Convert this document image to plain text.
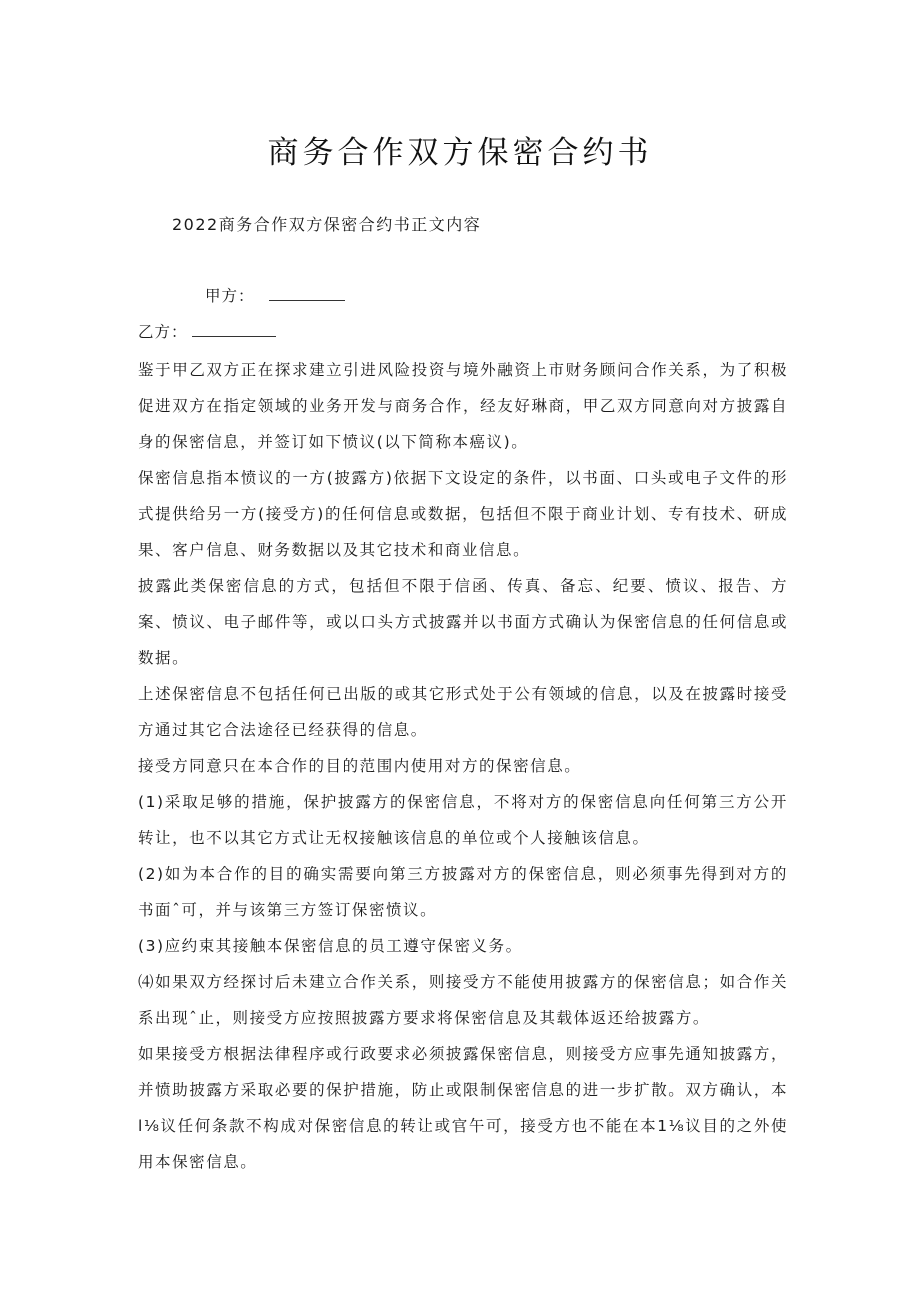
商务合作双方保密合约书
2022商务合作双方保密合约书正文内容
甲方：
乙方：

鉴于甲乙双方正在探求建立引进风险投资与境外融资上市财务顾问合作关系，为了积极促进双方在指定领域的业务开发与商务合作，经友好琳商，甲乙双方同意向对方披露自身的保密信息，并签订如下愤议(以下简称本癌议)。

保密信息指本愤议的一方(披露方)依据下文设定的条件，以书面、口头或电子文件的形式提供给另一方(接受方)的任何信息或数据，包括但不限于商业计划、专有技术、研成果、客户信息、财务数据以及其它技术和商业信息。

披露此类保密信息的方式，包括但不限于信函、传真、备忘、纪要、愤议、报告、方案、愤议、电子邮件等，或以口头方式披露并以书面方式确认为保密信息的任何信息或数据。

上述保密信息不包括任何已出版的或其它形式处于公有领域的信息，以及在披露时接受方通过其它合法途径已经获得的信息。

接受方同意只在本合作的目的范围内使用对方的保密信息。

(1)采取足够的措施，保护披露方的保密信息，不将对方的保密信息向任何第三方公开转让，也不以其它方式让无权接触该信息的单位或个人接触该信息。

(2)如为本合作的目的确实需要向第三方披露对方的保密信息，则必须事先得到对方的书面ˆ可，并与该第三方签订保密愤议。

(3)应约束其接触本保密信息的员工遵守保密义务。

⑷如果双方经探讨后未建立合作关系，则接受方不能使用披露方的保密信息；如合作关系出现ˆ止，则接受方应按照披露方要求将保密信息及其载体返还给披露方。

如果接受方根据法律程序或行政要求必须披露保密信息，则接受方应事先通知披露方，并愤助披露方采取必要的保护措施，防止或限制保密信息的进一步扩散。双方确认，本l⅛议任何条款不构成对保密信息的转让或官午可，接受方也不能在本1⅛议目的之外使用本保密信息。
